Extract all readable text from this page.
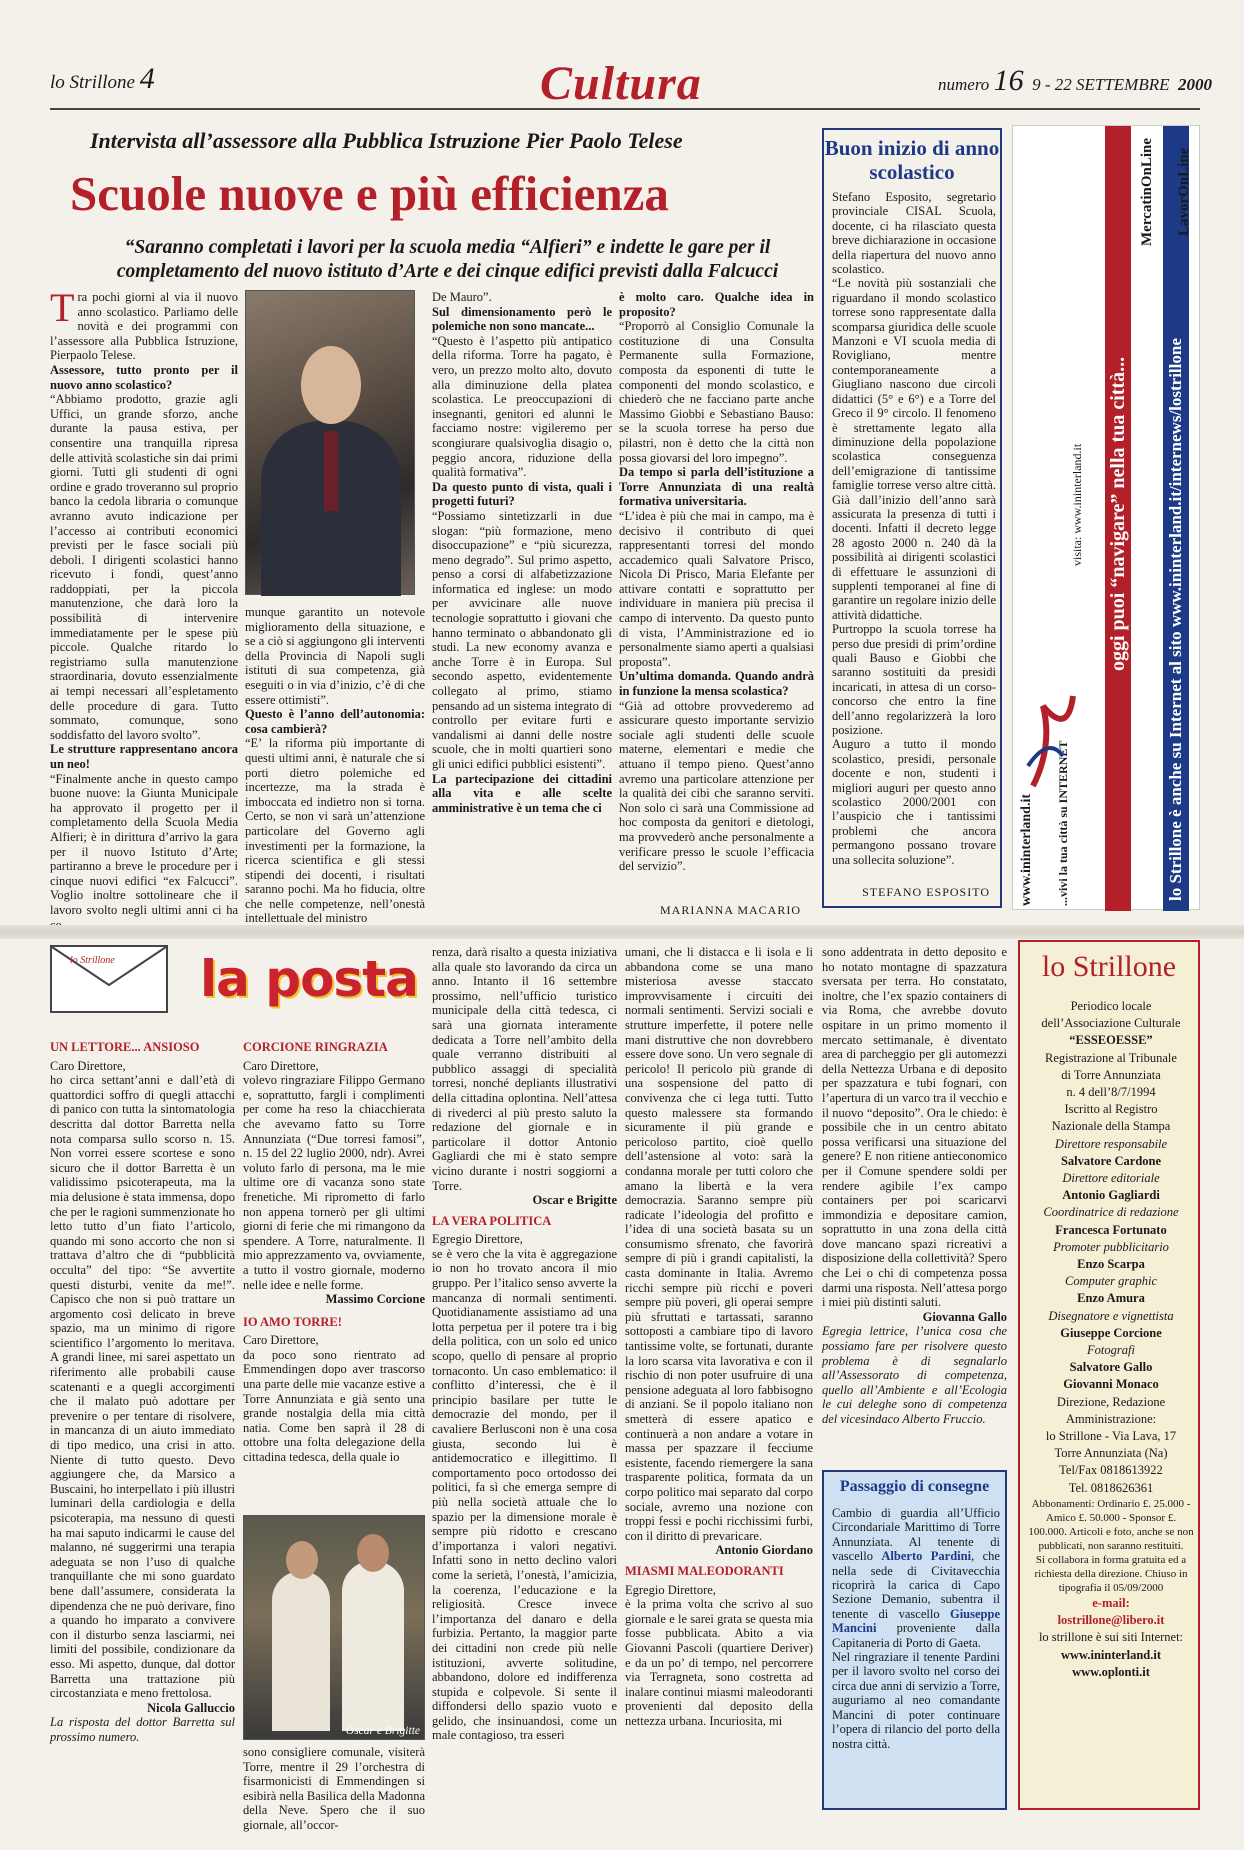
lo Strillone 4	Cultura	numero 16 9 - 22 SETTEMBRE 2000
Intervista all’assessore alla Pubblica Istruzione Pier Paolo Telese
Scuole nuove e più efficienza
“Saranno completati i lavori per la scuola media “Alfieri” e indette le gare per il completamento del nuovo istituto d’Arte e dei cinque edifici previsti dalla Falcucci

Tra pochi giorni al via il nuovo anno scolastico. Parliamo delle novità e dei programmi con l’assessore alla Pubblica Istruzione, Pierpaolo Telese.

Assessore, tutto pronto per il nuovo anno scolastico?

“Abbiamo prodotto, grazie agli Uffici, un grande sforzo, anche durante la pausa estiva, per consentire una tranquilla ripresa delle attività scolastiche sin dai primi giorni. Tutti gli studenti di ogni ordine e grado troveranno sul proprio banco la cedola libraria o comunque avranno avuto indicazione per l’accesso ai contributi economici previsti per le fasce sociali più deboli. I dirigenti scolastici hanno ricevuto i fondi, quest’anno raddoppiati, per la piccola manutenzione, che darà loro la possibilità di intervenire immediatamente per le spese più piccole. Qualche ritardo lo registriamo sulla manutenzione straordinaria, dovuto essenzialmente ai tempi necessari all’espletamento delle procedure di gara. Tutto sommato, comunque, sono soddisfatto del lavoro svolto”.

Le strutture rappresentano ancora un neo!

“Finalmente anche in questo campo buone nuove: la Giunta Municipale ha approvato il progetto per il completamento della Scuola Media Alfieri; è in dirittura d’arrivo la gara per il nuovo Istituto d’Arte; partiranno a breve le procedure per i cinque nuovi edifici “ex Falcucci”. Voglio inoltre sottolineare che il lavoro svolto negli ultimi anni ci ha

munque garantito un notevole miglioramento della situazione, e se a ciò si aggiungono gli interventi della Provincia di Napoli sugli istituti di sua competenza, già eseguiti o in via d’inizio, c’è di che essere ottimisti”.

Questo è l’anno dell’autonomia: cosa cambierà?

“E’ la riforma più importante di questi ultimi anni, è naturale che si porti dietro polemiche ed incertezze, ma la strada è imboccata ed indietro non si torna. Certo, se non vi sarà un’attenzione particolare del Governo agli investimenti per la formazione, la ricerca scientifica e gli stessi stipendi dei docenti, i risultati saranno pochi. Ma ho fiducia, oltre che nelle competenze, nell’onestà intellettuale del ministro

De Mauro”.

Sul dimensionamento però le polemiche non sono mancate...

“Questo è l’aspetto più antipatico della riforma. Torre ha pagato, è vero, un prezzo molto alto, dovuto alla diminuzione della platea scolastica. Le preoccupazioni di insegnanti, genitori ed alunni le facciamo nostre: vigileremo per scongiurare qualsivoglia disagio o, peggio ancora, riduzione della qualità formativa”.

Da questo punto di vista, quali i progetti futuri?

“Possiamo sintetizzarli in due slogan: “più formazione, meno disoccupazione” e “più sicurezza, meno degrado”. Sul primo aspetto, penso a corsi di alfabetizzazione informatica ed inglese: un modo per avvicinare alle nuove tecnologie soprattutto i giovani che hanno terminato o abbandonato gli studi. La new economy avanza e anche Torre è in Europa. Sul secondo aspetto, evidentemente collegato al primo, stiamo pensando ad un sistema integrato di controllo per evitare furti e vandalismi ai danni delle nostre scuole, che in molti quartieri sono gli unici edifici pubblici esistenti”.

La partecipazione dei cittadini alla vita e alle scelte amministrative è un tema che ci

è molto caro. Qualche idea in proposito?

“Proporrò al Consiglio Comunale la costituzione di una Consulta Permanente sulla Formazione, composta da esponenti di tutte le componenti del mondo scolastico, e chiederò che ne facciano parte anche Massimo Giobbi e Sebastiano Bauso: se la scuola torrese ha perso due pilastri, non è detto che la città non possa giovarsi del loro impegno”.

Da tempo si parla dell’istituzione a Torre Annunziata di una realtà formativa universitaria.

“L’idea è più che mai in campo, ma è decisivo il contributo di quei rappresentanti torresi del mondo accademico quali Salvatore Prisco, Nicola Di Prisco, Maria Elefante per attivare contatti e soprattutto per individuare in maniera più precisa il campo di intervento. Da questo punto di vista, l’Amministrazione ed io personalmente siamo aperti a qualsiasi proposta”.

Un’ultima domanda. Quando andrà in funzione la mensa scolastica?

“Già ad ottobre provvederemo ad assicurare questo importante servizio sociale agli studenti delle scuole materne, elementari e medie che attuano il tempo pieno. Quest’anno avremo una particolare attenzione per la qualità dei cibi che saranno serviti. Non solo ci sarà una Commissione ad hoc composta da genitori e dietologi, ma provvederò anche personalmente a verificare presso le scuole l’efficacia del servizio”.

MARIANNA MACARIO
Buon inizio di anno scolastico

Stefano Esposito, segretario provinciale CISAL Scuola, docente, ci ha rilasciato questa breve dichiarazione in occasione della riapertura del nuovo anno scolastico.

“Le novità più sostanziali che riguardano il mondo scolastico torrese sono rappresentate dalla scomparsa giuridica delle scuole Manzoni e VI scuola media di Rovigliano, mentre contemporaneamente a Giugliano nascono due circoli didattici (5° e 6°) e a Torre del Greco il 9° circolo. Il fenomeno è strettamente legato alla diminuzione della popolazione scolastica conseguenza dell’emigrazione di tantissime famiglie torrese verso altre città. Già dall’inizio dell’anno sarà assicurata la presenza di tutti i docenti. Infatti il decreto legge 28 agosto 2000 n. 240 dà la possibilità ai dirigenti scolastici di effettuare le assunzioni di supplenti temporanei al fine di garantire un regolare inizio delle attività didattiche.

Purtroppo la scuola torrese ha perso due presidi di prim’ordine quali Bauso e Giobbi che saranno sostituiti da presidi incaricati, in attesa di un corso-concorso che entro la fine dell’anno regolarizzerà la loro posizione.

Auguro a tutto il mondo scolastico, presidi, personale docente e non, studenti i migliori auguri per questo anno scolastico 2000/2001 con l’auspicio che i tantissimi problemi che ancora permangono possano trovare una sollecita soluzione”.

STEFANO ESPOSITO
oggi puoi “navigare” nella tua città... lo Strillone è anche su Internet al sito www.ininterland.it/internews/lostrillone
www.ininterland.it ...vivi la tua città su INTERNET
visita: www.ininterland.it
MercatinOnLine LavorOnLine
lo Strillone la posta
UN LETTORE... ANSIOSO

Caro Direttore,

ho circa settant’anni e dall’età di quattordici soffro di quegli attacchi di panico con tutta la sintomatologia descritta dal dottor Barretta nella nota comparsa sullo scorso n. 15. Non vorrei essere scortese e sono sicuro che il dottor Barretta è un validissimo psicoterapeuta, ma la mia delusione è stata immensa, dopo che per le ragioni summenzionate ho letto tutto d’un fiato l’articolo, quando mi sono accorto che non si trattava d’altro che di “pubblicità occulta” del tipo: “Se avvertite questi disturbi, venite da me!”. Capisco che non si può trattare un argomento così delicato in breve spazio, ma un minimo di rigore scientifico l’argomento lo meritava. A grandi linee, mi sarei aspettato un riferimento alle probabili cause scatenanti e a quegli accorgimenti che il malato può adottare per prevenire o per tentare di risolvere, in mancanza di un aiuto immediato di tipo medico, una crisi in atto. Niente di tutto questo. Devo aggiungere che, da Marsico a Buscaini, ho interpellato i più illustri luminari della cardiologia e della psicoterapia, ma nessuno di questi ha mai saputo indicarmi le cause del malanno, né suggerirmi una terapia adeguata se non l’uso di qualche tranquillante che mi sono guardato bene dall’assumere, considerata la dipendenza che ne può derivare, fino a quando ho imparato a convivere con il disturbo senza lasciarmi, nei limiti del possibile, condizionare da esso. Mi aspetto, dunque, dal dottor Barretta una trattazione più circostanziata e meno frettolosa.

Nicola Galluccio

La risposta del dottor Barretta sul prossimo numero.

CORCIONE RINGRAZIA

Caro Direttore,

volevo ringraziare Filippo Germano e, soprattutto, fargli i complimenti per come ha reso la chiacchierata che avevamo fatto su Torre Annunziata (“Due torresi famosi”, n. 15 del 22 luglio 2000, ndr). Avrei voluto farlo di persona, ma le mie ultime ore di vacanza sono state frenetiche. Mi riprometto di farlo non appena tornerò per gli ultimi giorni di ferie che mi rimangono da spendere. A Torre, naturalmente. Il mio apprezzamento va, ovviamente, a tutto il vostro giornale, moderno nelle idee e nelle forme.

Massimo Corcione

IO AMO TORRE!

Caro Direttore,

da poco sono rientrato ad Emmendingen dopo aver trascorso una parte delle mie vacanze estive a Torre Annunziata e già sento una grande nostalgia della mia città natia. Come ben saprà il 28 di ottobre una folta delegazione della cittadina tedesca, della quale io

Oscar e Brigitte

sono consigliere comunale, visiterà Torre, mentre il 29 l’orchestra di fisarmonicisti di Emmendingen si esibirà nella Basilica della Madonna della Neve. Spero che il suo giornale, all’occor-

renza, darà risalto a questa iniziativa alla quale sto lavorando da circa un anno. Intanto il 16 settembre prossimo, nell’ufficio turistico municipale della città tedesca, ci sarà una giornata interamente dedicata a Torre nell’ambito della quale verranno distribuiti al pubblico assaggi di specialità torresi, nonché depliants illustrativi della cittadina oplontina. Nell’attesa di rivederci al più presto saluto la redazione del giornale e in particolare il dottor Antonio Gagliardi che mi è stato sempre vicino durante i nostri soggiorni a Torre.

Oscar e Brigitte

LA VERA POLITICA

Egregio Direttore,

se è vero che la vita è aggregazione io non ho trovato ancora il mio gruppo. Per l’italico senso avverte la mancanza di normali sentimenti. Quotidianamente assistiamo ad una lotta perpetua per il potere tra i big della politica, con un solo ed unico scopo, quello di pensare al proprio tornaconto. Un caso emblematico: il conflitto d’interessi, che è il principio basilare per tutte le democrazie del mondo, per il cavaliere Berlusconi non è una cosa giusta, secondo lui è antidemocratico e illegittimo. Il comportamento poco ortodosso dei politici, fa sì che emerga sempre di più nella società attuale che lo spazio per la dimensione morale è sempre più ridotto e crescano d’importanza i valori negativi. Infatti sono in netto declino valori come la serietà, l’onestà, l’amicizia, la coerenza, l’educazione e la religiosità. Cresce invece l’importanza del danaro e della furbizia. Pertanto, la maggior parte dei cittadini non crede più nelle istituzioni, avverte solitudine, abbandono, dolore ed indifferenza stupida e colpevole. Si sente il diffondersi dello spazio vuoto e gelido, che insinuandosi, come un male contagioso, tra esseri

umani, che li distacca e li isola e li abbandona come se una mano misteriosa avesse staccato improvvisamente i circuiti dei normali sentimenti. Servizi sociali e strutture imperfette, il potere nelle mani distruttive che non dovrebbero essere dove sono. Un vero segnale di pericolo! Il pericolo più grande di una sospensione del patto di convivenza che ci lega tutti. Tutto questo malessere sta formando sicuramente il più grande e pericoloso partito, cioè quello dell’astensione al voto: sarà la condanna morale per tutti coloro che amano la libertà e la vera democrazia. Saranno sempre più radicate l’ideologia del profitto e l’idea di una società basata su un consumismo sfrenato, che favorirà sempre di più i grandi capitalisti, la casta dominante in Italia. Avremo ricchi sempre più ricchi e poveri sempre più poveri, gli operai sempre più sfruttati e tartassati, saranno sottoposti a cambiare tipo di lavoro tantissime volte, se fortunati, durante la loro scarsa vita lavorativa e con il rischio di non poter usufruire di una pensione adeguata al loro fabbisogno di anziani. Se il popolo italiano non smetterà di essere apatico e continuerà a non andare a votare in massa per spazzare il fecciume esistente, facendo riemergere la sana trasparente politica, formata da un corpo politico mai separato dal corpo sociale, avremo una nozione con troppi fessi e pochi ricchissimi furbi, con il diritto di prevaricare.

Antonio Giordano

MIASMI MALEODORANTI

Egregio Direttore,

è la prima volta che scrivo al suo giornale e le sarei grata se questa mia fosse pubblicata. Abito a via Giovanni Pascoli (quartiere Deriver) e da un po’ di tempo, nel percorrere via Terragneta, sono costretta ad inalare continui miasmi maleodoranti provenienti dal deposito della nettezza urbana. Incuriosita, mi

sono addentrata in detto deposito e ho notato montagne di spazzatura sversata per terra. Ho constatato, inoltre, che l’ex spazio containers di via Roma, che avrebbe dovuto ospitare in un primo momento il mercato settimanale, è diventato area di parcheggio per gli automezzi della Nettezza Urbana e di deposito per spazzatura e tubi fognari, con l’apertura di un varco tra il vecchio e il nuovo “deposito”. Ora le chiedo: è possibile che in un centro abitato possa verificarsi una situazione del genere? E non ritiene antieconomico per il Comune spendere soldi per rendere agibile l’ex campo containers per poi scaricarvi immondizia e depositare camion, soprattutto in una zona della città dove mancano spazi ricreativi a disposizione della collettività? Spero che Lei o chi di competenza possa darmi una risposta. Nell’attesa porgo i miei più distinti saluti.

Giovanna Gallo

Egregia lettrice, l’unica cosa che possiamo fare per risolvere questo problema è di segnalarlo all’Assessorato di competenza, quello all’Ambiente e all’Ecologia le cui deleghe sono di competenza del vicesindaco Alberto Fruccio.

Passaggio di consegne

Cambio di guardia all’Ufficio Circondariale Marittimo di Torre Annunziata. Al tenente di vascello Alberto Pardini, che nella sede di Civitavecchia ricoprirà la carica di Capo Sezione Demanio, subentra il tenente di vascello Giuseppe Mancini proveniente dalla Capitaneria di Porto di Gaeta.

Nel ringraziare il tenente Pardini per il lavoro svolto nel corso dei circa due anni di servizio a Torre, auguriamo al neo comandante Mancini di poter continuare l’opera di rilancio del porto della nostra città.

lo Strillone
Periodico locale
dell’Associazione Culturale
“ESSEOESSE”
Registrazione al Tribunale
di Torre Annunziata
n. 4 dell’8/7/1994
Iscritto al Registro
Nazionale della Stampa
Direttore responsabile
Salvatore Cardone
Direttore editoriale
Antonio Gagliardi
Coordinatrice di redazione
Francesca Fortunato
Promoter pubblicitario
Enzo Scarpa
Computer graphic
Enzo Amura
Disegnatore e vignettista
Giuseppe Corcione
Fotografi
Salvatore Gallo
Giovanni Monaco
Direzione, Redazione
Amministrazione:
lo Strillone - Via Lava, 17
Torre Annunziata (Na)
Tel/Fax 0818613922
Tel. 0818626361
Abbonamenti: Ordinario £. 25.000 - Amico £. 50.000 - Sponsor £. 100.000. Articoli e foto, anche se non pubblicati, non saranno restituiti.
Si collabora in forma gratuita ed a richiesta della direzione. Chiuso in tipografia il 05/09/2000
e-mail:
lostrillone@libero.it
lo strillone è sui siti Internet:
www.ininterland.it
www.oplonti.it
